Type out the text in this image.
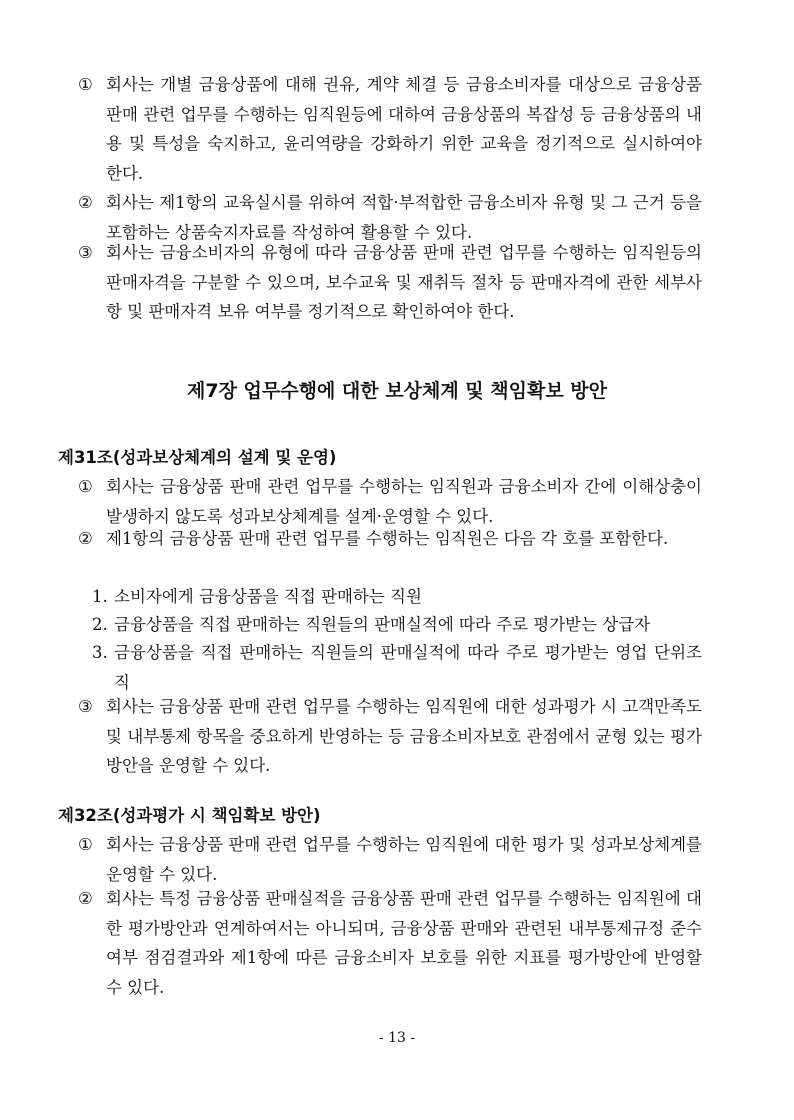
① 회사는 개별 금융상품에 대해 권유, 계약 체결 등 금융소비자를 대상으로 금융상품 판매 관련 업무를 수행하는 임직원등에 대하여 금융상품의 복잡성 등 금융상품의 내용 및 특성을 숙지하고, 윤리역량을 강화하기 위한 교육을 정기적으로 실시하여야 한다.
② 회사는 제1항의 교육실시를 위하여 적합·부적합한 금융소비자 유형 및 그 근거 등을 포함하는 상품숙지자료를 작성하여 활용할 수 있다.
③ 회사는 금융소비자의 유형에 따라 금융상품 판매 관련 업무를 수행하는 임직원등의 판매자격을 구분할 수 있으며, 보수교육 및 재취득 절차 등 판매자격에 관한 세부사항 및 판매자격 보유 여부를 정기적으로 확인하여야 한다.
제7장 업무수행에 대한 보상체계 및 책임확보 방안
제31조(성과보상체계의 설계 및 운영)
① 회사는 금융상품 판매 관련 업무를 수행하는 임직원과 금융소비자 간에 이해상충이 발생하지 않도록 성과보상체계를 설계·운영할 수 있다.
② 제1항의 금융상품 판매 관련 업무를 수행하는 임직원은 다음 각 호를 포함한다.
1. 소비자에게 금융상품을 직접 판매하는 직원
2. 금융상품을 직접 판매하는 직원들의 판매실적에 따라 주로 평가받는 상급자
3. 금융상품을 직접 판매하는 직원들의 판매실적에 따라 주로 평가받는 영업 단위조직
③ 회사는 금융상품 판매 관련 업무를 수행하는 임직원에 대한 성과평가 시 고객만족도 및 내부통제 항목을 중요하게 반영하는 등 금융소비자보호 관점에서 균형 있는 평가방안을 운영할 수 있다.
제32조(성과평가 시 책임확보 방안)
① 회사는 금융상품 판매 관련 업무를 수행하는 임직원에 대한 평가 및 성과보상체계를 운영할 수 있다.
② 회사는 특정 금융상품 판매실적을 금융상품 판매 관련 업무를 수행하는 임직원에 대한 평가방안과 연계하여서는 아니되며, 금융상품 판매와 관련된 내부통제규정 준수 여부 점검결과와 제1항에 따른 금융소비자 보호를 위한 지표를 평가방안에 반영할 수 있다.
- 13 -
